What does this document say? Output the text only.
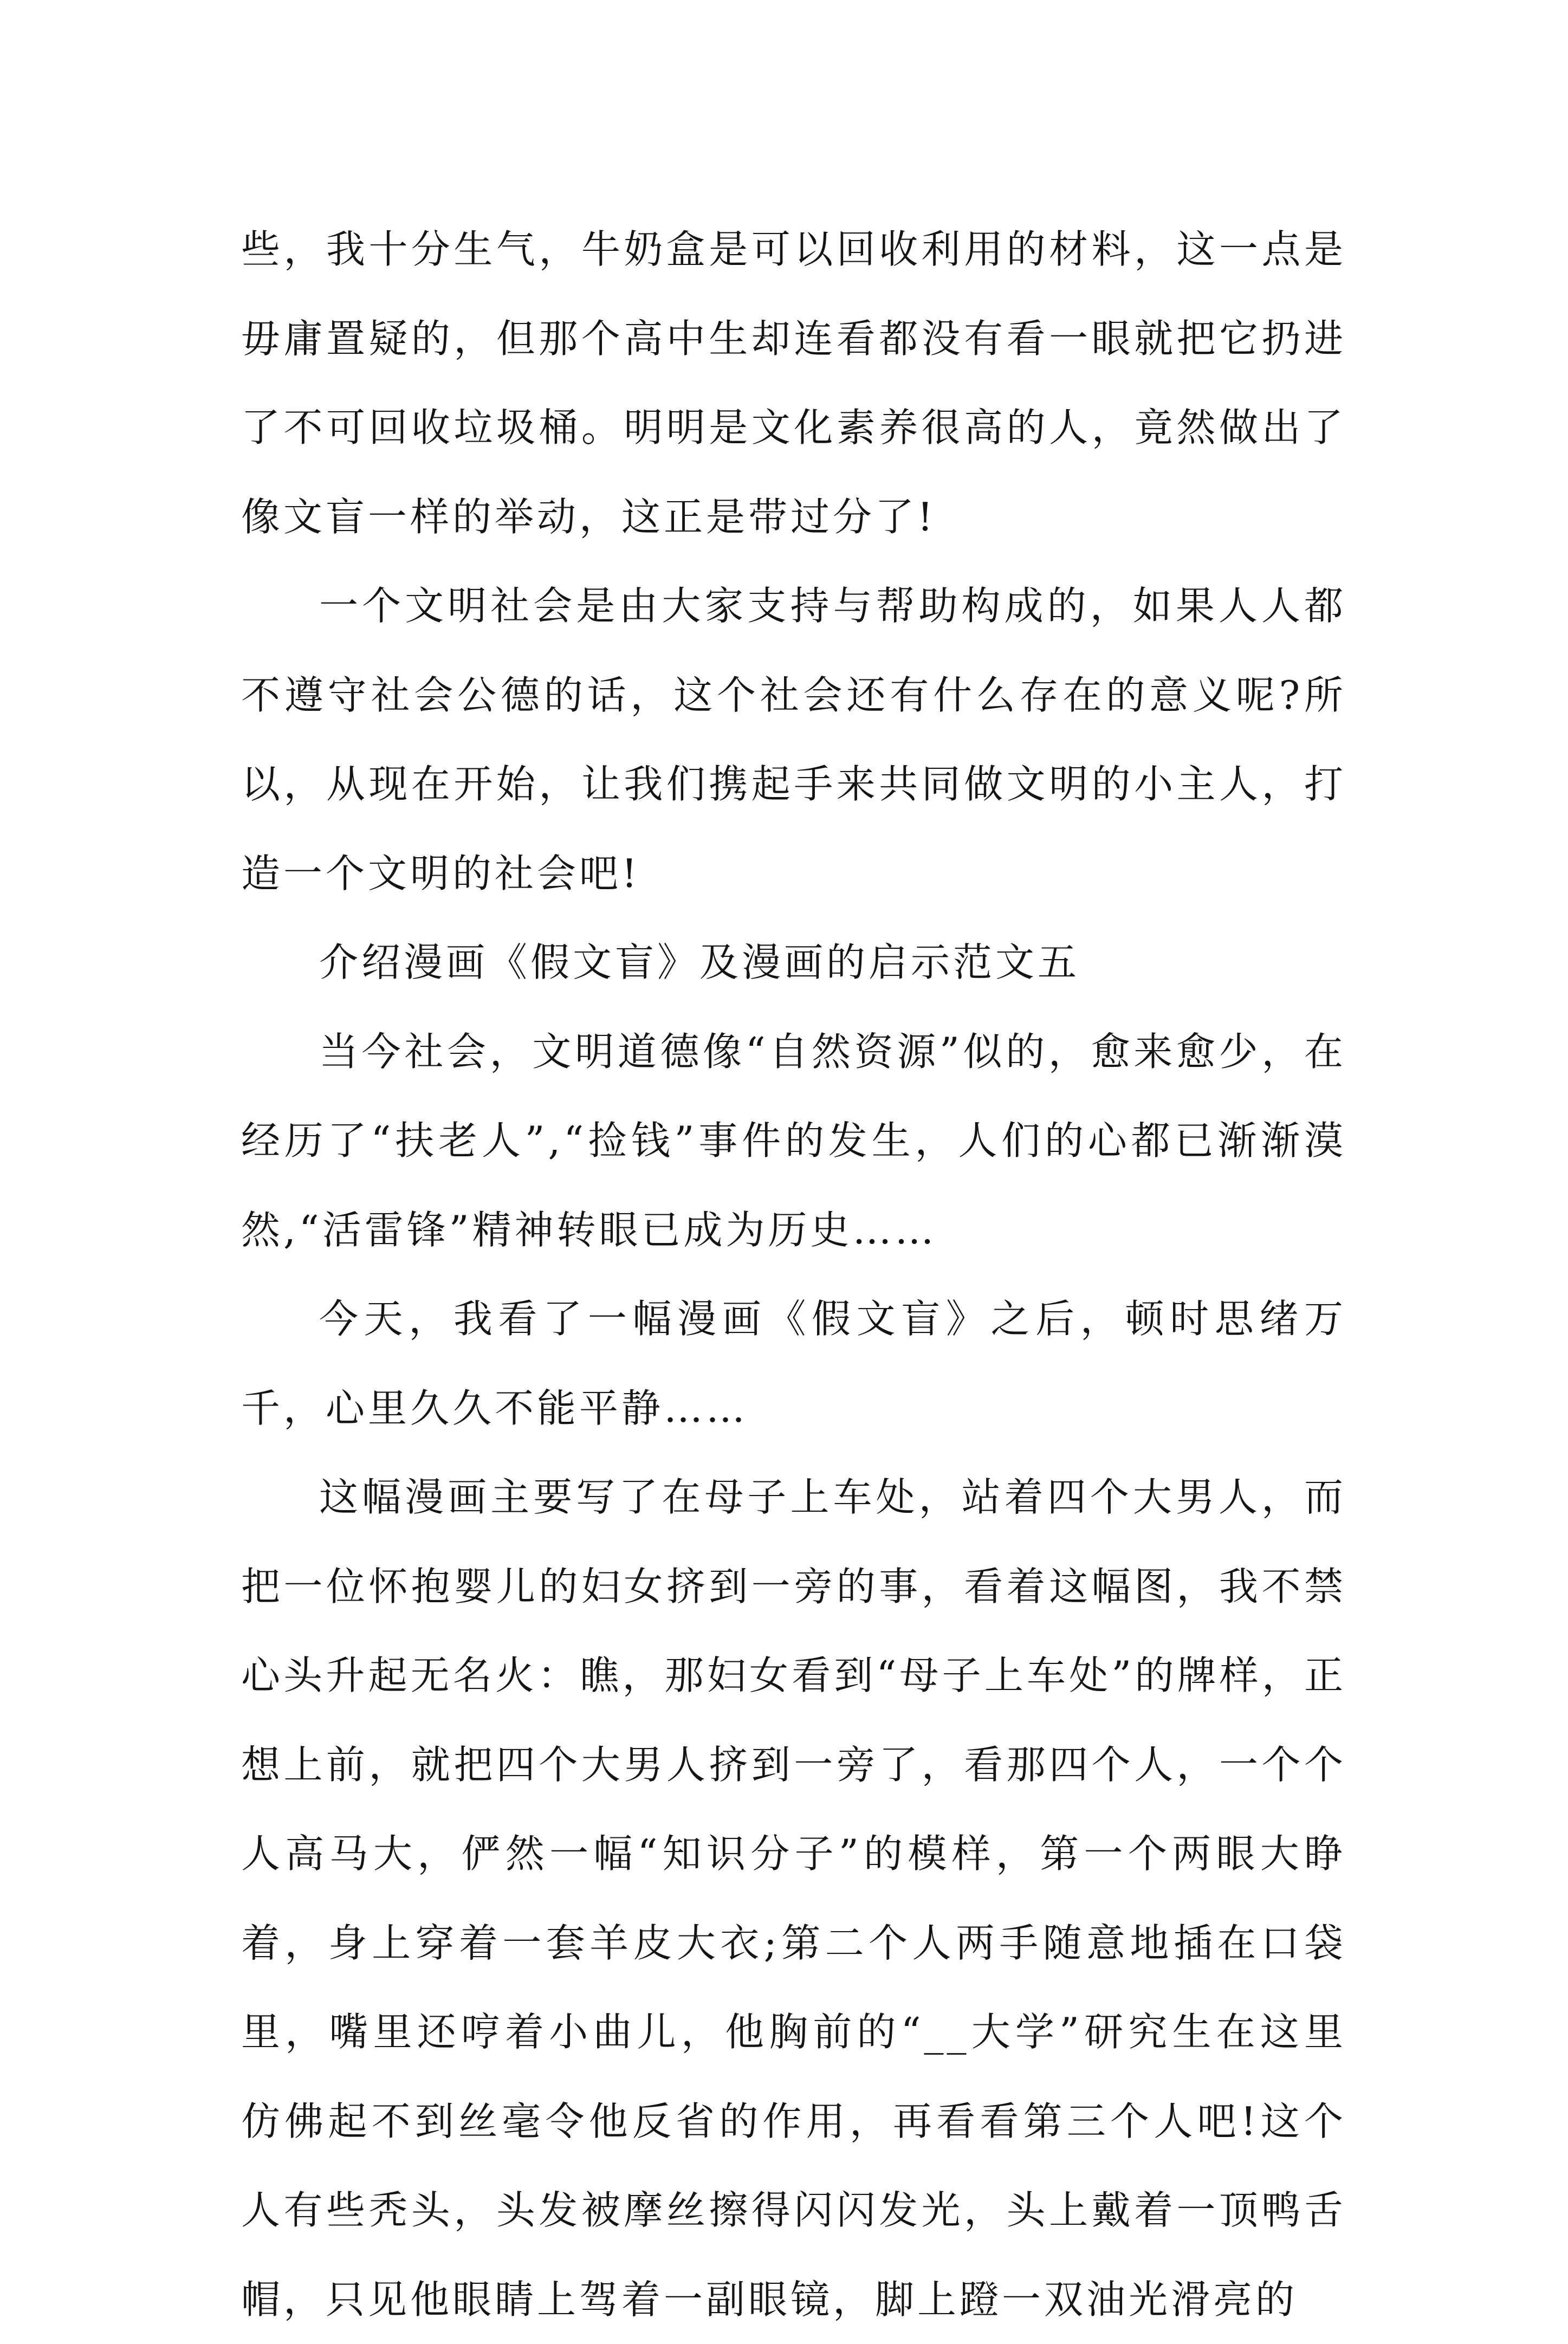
些，我十分生气，牛奶盒是可以回收利用的材料，这一点是毋庸置疑的，但那个高中生却连看都没有看一眼就把它扔进了不可回收垃圾桶。明明是文化素养很高的人，竟然做出了像文盲一样的举动，这正是带过分了!

一个文明社会是由大家支持与帮助构成的，如果人人都不遵守社会公德的话，这个社会还有什么存在的意义呢?所以，从现在开始，让我们携起手来共同做文明的小主人，打造一个文明的社会吧!

介绍漫画《假文盲》及漫画的启示范文五

当今社会，文明道德像“自然资源”似的，愈来愈少，在经历了“扶老人”,“捡钱”事件的发生，人们的心都已渐渐漠然,“活雷锋”精神转眼已成为历史……

今天，我看了一幅漫画《假文盲》之后，顿时思绪万千，心里久久不能平静……

这幅漫画主要写了在母子上车处，站着四个大男人，而把一位怀抱婴儿的妇女挤到一旁的事，看着这幅图，我不禁心头升起无名火：瞧，那妇女看到“母子上车处”的牌样，正想上前，就把四个大男人挤到一旁了，看那四个人，一个个人高马大，俨然一幅“知识分子”的模样，第一个两眼大睁着，身上穿着一套羊皮大衣;第二个人两手随意地插在口袋里，嘴里还哼着小曲儿，他胸前的“__大学”研究生在这里仿佛起不到丝毫令他反省的作用，再看看第三个人吧!这个人有些秃头，头发被摩丝擦得闪闪发光，头上戴着一顶鸭舌帽，只见他眼睛上驾着一副眼镜，脚上蹬一双油光滑亮的
